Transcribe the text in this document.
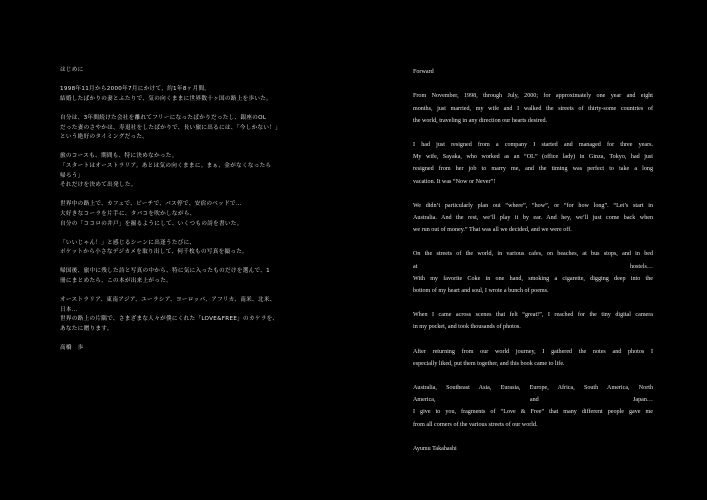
はじめに
1998年11月から2000年7月にかけて、約1年8ヶ月間。
結婚したばかりの妻とふたりで、気の向くままに世界数十ヶ国の路上を歩いた。
自分は、3年間続けた会社を離れてフリーになったばかりだったし、銀座のOL
だった妻のさやかは、寿退社をしたばかりで、長い旅に出るには、「今しかない！」
という絶好のタイミングだった。
旅のコースも、期間も、特に決めなかった。
「スタートはオーストラリア。あとは気の向くままに。まぁ、金がなくなったら
帰ろう」
それだけを決めて出発した。
世界中の路上で、カフェで、ビーチで、バス停で、安宿のベッドで…
大好きなコーラを片手に、タバコを吹かしながら、
自分の「ココロの井戸」を掘るようにして、いくつもの詩を書いた。
「いいじゃん！」と感じるシーンに出逢うたびに、
ポケットから小さなデジカメを取り出して、何千枚もの写真を撮った。
帰国後、旅中に残した詩と写真の中から、特に気に入ったものだけを選んで、1
冊にまとめたら、この本が出来上がった。
オーストラリア、東南アジア、ユーラシア、ヨーロッパ、アフリカ、南米、北米、
日本…
世界の路上の片隅で、さまざまな人々が僕にくれた「LOVE&FREE」のカケラを、
あなたに贈ります。
高橋　歩
Forward
From November, 1998, through July, 2000; for approximately one year and eight
months, just married, my wife and I walked the streets of thirty-some countries of
the world, traveling in any direction our hearts desired.
I had just resigned from a company I started and managed for three years.
My wife, Sayaka, who worked as an “OL” (office lady) in Ginza, Tokyo, had just
resigned from her job to marry me, and the timing was perfect to take a long
vacation. It was “Now or Never”!
We didn’t particularly plan out “where”, “how”, or “for how long”. “Let’s start in
Australia. And the rest, we’ll play it by ear. And hey, we’ll just come back when
we run out of money.” That was all we decided, and we were off.
On the streets of the world, in various cafes, on beaches, at bus stops, and in bed
at hostels…
With my favorite Coke in one hand, smoking a cigarette, digging deep into the
bottom of my heart and soul, I wrote a bunch of poems.
When I came across scenes that felt “great!”, I reached for the tiny digital camera
in my pocket, and took thousands of photos.
After returning from our world journey, I gathered the notes and photos I
especially liked, put them together, and this book came to life.
Australia, Southeast Asia, Eurasia, Europe, Africa, South America, North
America, and Japan…
I give to you, fragments of “Love & Free” that many different people gave me
from all corners of the various streets of our world.
Ayumu Takahashi
